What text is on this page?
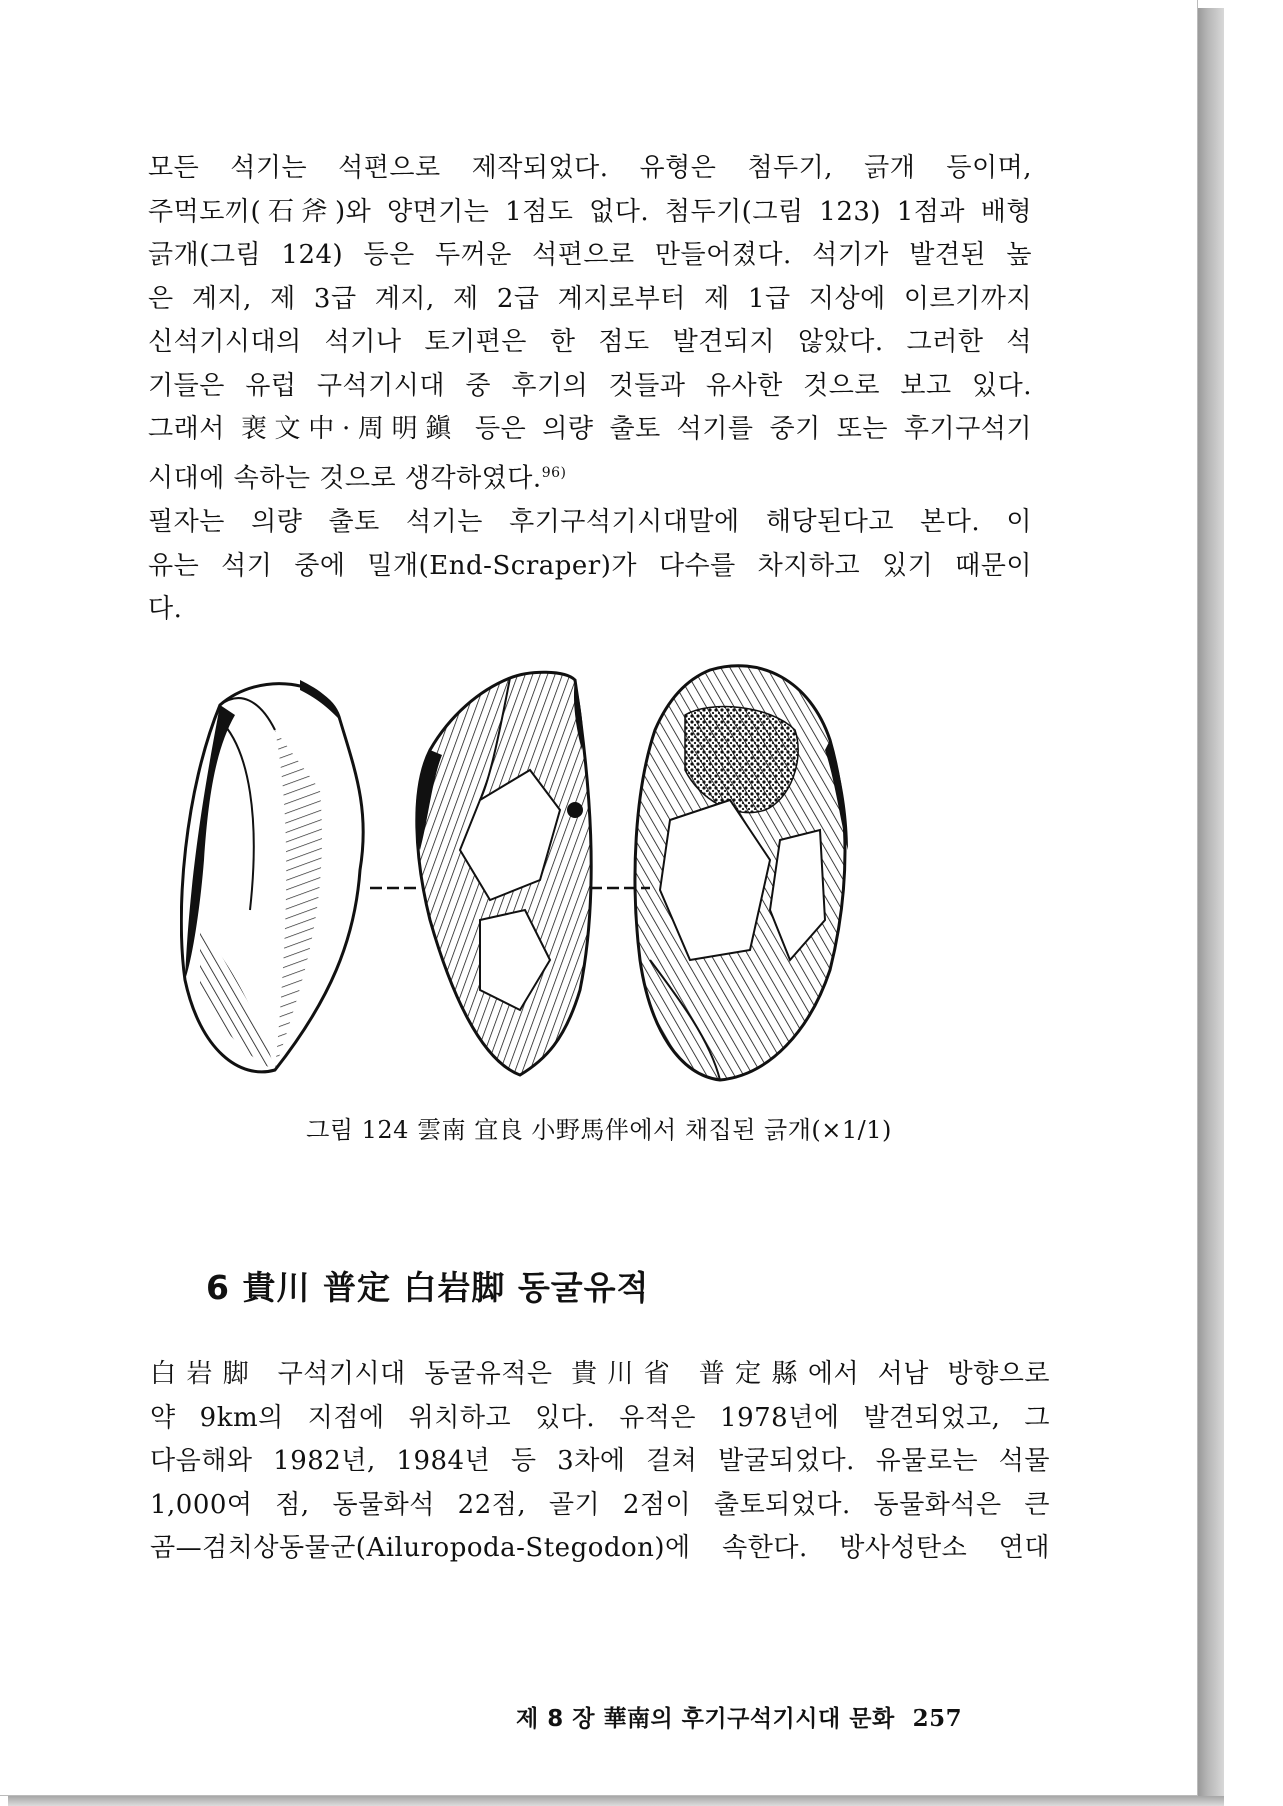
모든 석기는 석편으로 제작되었다. 유형은 첨두기, 긁개 등이며,
주먹도끼(石斧)와 양면기는 1점도 없다. 첨두기(그림 123) 1점과 배형
긁개(그림 124) 등은 두꺼운 석편으로 만들어졌다. 석기가 발견된 높
은 계지, 제 3급 계지, 제 2급 계지로부터 제 1급 지상에 이르기까지
신석기시대의 석기나 토기편은 한 점도 발견되지 않았다. 그러한 석
기들은 유럽 구석기시대 중 후기의 것들과 유사한 것으로 보고 있다.
그래서 裵文中·周明鎭 등은 의량 출토 석기를 중기 또는 후기구석기
시대에 속하는 것으로 생각하였다.$^{96)}$
필자는 의량 출토 석기는 후기구석기시대말에 해당된다고 본다. 이
유는 석기 중에 밀개(End-Scraper)가 다수를 차지하고 있기 때문이
다.
그림 124 雲南 宜良 小野馬伴에서 채집된 긁개(×1/1)
6 貴川 普定 白岩脚 동굴유적
白岩脚 구석기시대 동굴유적은 貴川省 普定縣에서 서남 방향으로
약 9km의 지점에 위치하고 있다. 유적은 1978년에 발견되었고, 그
다음해와 1982년, 1984년 등 3차에 걸쳐 발굴되었다. 유물로는 석물
1,000여 점, 동물화석 22점, 골기 2점이 출토되었다. 동물화석은 큰
곰—검치상동물군(Ailuropoda-Stegodon)에 속한다. 방사성탄소 연대
제 8 장 華南의 후기구석기시대 문화 257
